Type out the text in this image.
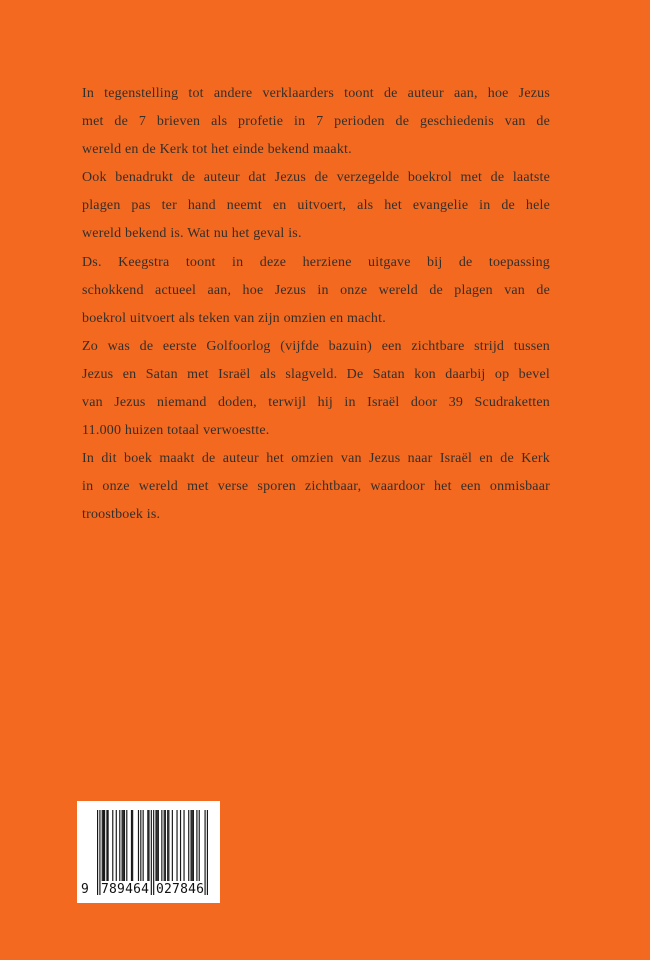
In tegenstelling tot andere verklaarders toont de auteur aan, hoe Jezus
met de 7 brieven als profetie in 7 perioden de geschiedenis van de
wereld en de Kerk tot het einde bekend maakt.
Ook benadrukt de auteur dat Jezus de verzegelde boekrol met de laatste
plagen pas ter hand neemt en uitvoert, als het evangelie in de hele
wereld bekend is. Wat nu het geval is.
Ds. Keegstra toont in deze herziene uitgave bij de toepassing
schokkend actueel aan, hoe Jezus in onze wereld de plagen van de
boekrol uitvoert als teken van zijn omzien en macht.
Zo was de eerste Golfoorlog (vijfde bazuin) een zichtbare strijd tussen
Jezus en Satan met Israël als slagveld. De Satan kon daarbij op bevel
van Jezus niemand doden, terwijl hij in Israël door 39 Scudraketten
11.000 huizen totaal verwoestte.
In dit boek maakt de auteur het omzien van Jezus naar Israël en de Kerk
in onze wereld met verse sporen zichtbaar, waardoor het een onmisbaar
troostboek is.
9 789464 027846
